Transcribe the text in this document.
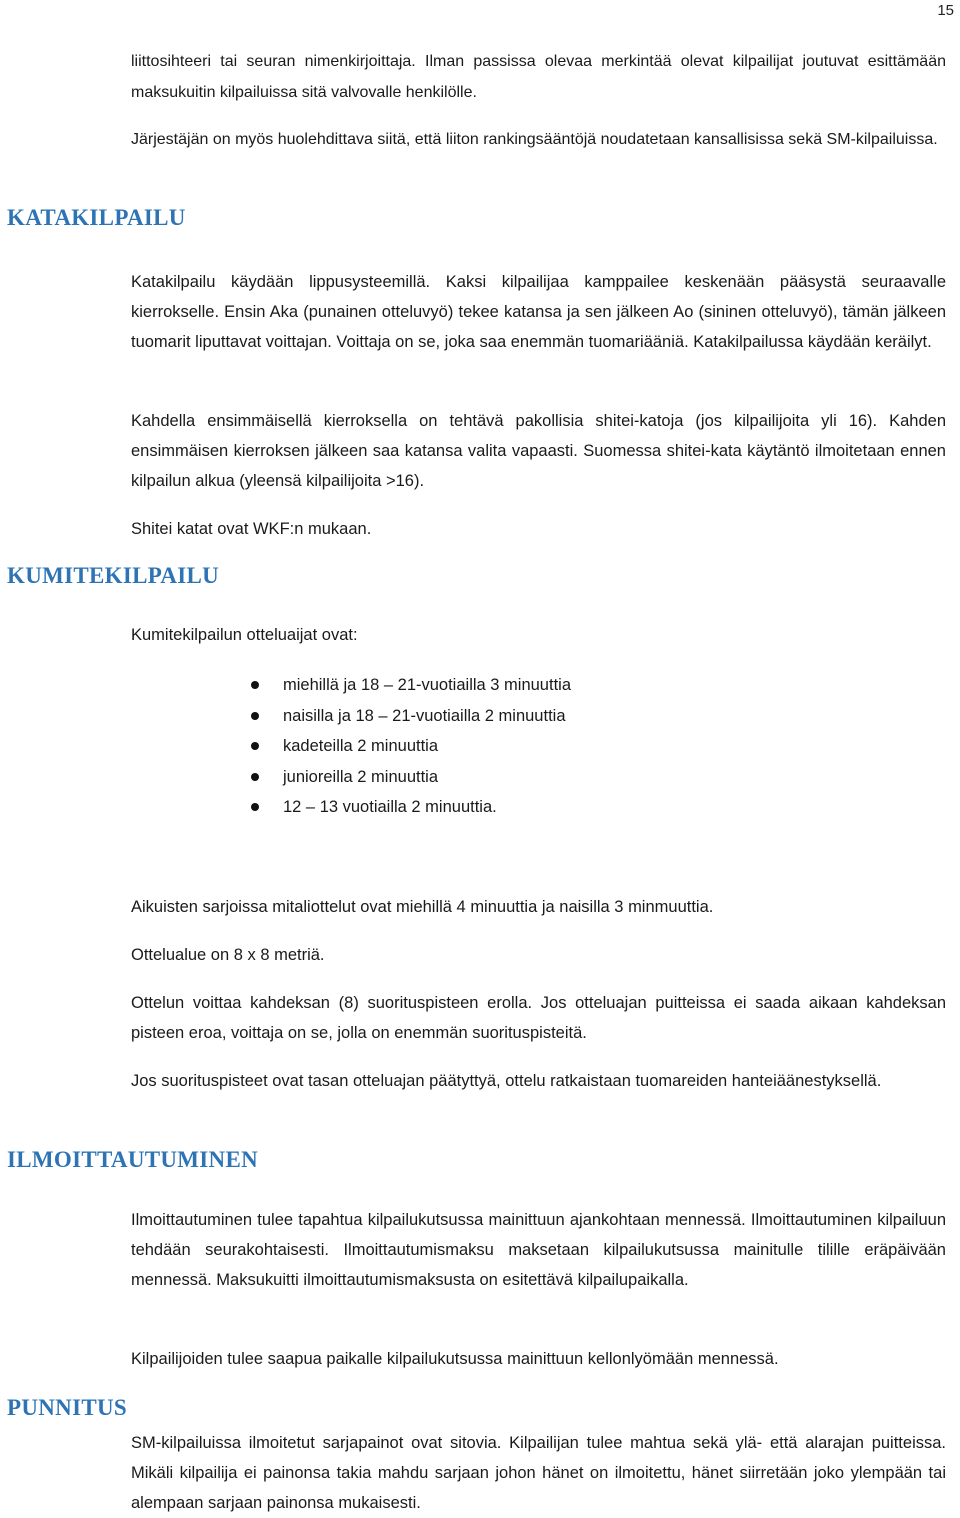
15

liittosihteeri tai seuran nimenkirjoittaja. Ilman passissa olevaa merkintää olevat kilpailijat joutuvat esittämään maksukuitin kilpailuissa sitä valvovalle henkilölle.

Järjestäjän on myös huolehdittava siitä, että liiton rankingsääntöjä noudatetaan kansallisissa sekä SM-kilpailuissa.

KATAKILPAILU

Katakilpailu käydään lippusysteemillä. Kaksi kilpailijaa kamppailee keskenään pääsystä seuraavalle kierrokselle. Ensin Aka (punainen otteluvyö) tekee katansa ja sen jälkeen Ao (sininen otteluvyö), tämän jälkeen tuomarit liputtavat voittajan. Voittaja on se, joka saa enemmän tuomariääniä. Katakilpailussa käydään keräilyt.

Kahdella ensimmäisellä kierroksella on tehtävä pakollisia shitei-katoja (jos kilpailijoita yli 16). Kahden ensimmäisen kierroksen jälkeen saa katansa valita vapaasti. Suomessa shitei-kata käytäntö ilmoitetaan ennen kilpailun alkua (yleensä kilpailijoita >16).

Shitei katat ovat WKF:n mukaan.

KUMITEKILPAILU

Kumitekilpailun otteluaijat ovat:

miehillä ja 18 – 21-vuotiailla 3 minuuttia
naisilla ja 18 – 21-vuotiailla 2 minuuttia
kadeteilla 2 minuuttia
junioreilla 2 minuuttia
12 – 13 vuotiailla 2 minuuttia.

Aikuisten sarjoissa mitaliottelut ovat miehillä 4 minuuttia ja naisilla 3 minmuuttia.

Ottelualue on 8 x 8 metriä.

Ottelun voittaa kahdeksan (8) suorituspisteen erolla. Jos otteluajan puitteissa ei saada aikaan kahdeksan pisteen eroa, voittaja on se, jolla on enemmän suorituspisteitä.

Jos suorituspisteet ovat tasan otteluajan päätyttyä, ottelu ratkaistaan tuomareiden hanteiäänestyksellä.

ILMOITTAUTUMINEN

Ilmoittautuminen tulee tapahtua kilpailukutsussa mainittuun ajankohtaan mennessä. Ilmoittautuminen kilpailuun tehdään seurakohtaisesti. Ilmoittautumismaksu maksetaan kilpailukutsussa mainitulle tilille eräpäivään mennessä. Maksukuitti ilmoittautumismaksusta on esitettävä kilpailupaikalla.

Kilpailijoiden tulee saapua paikalle kilpailukutsussa mainittuun kellonlyömään mennessä.

PUNNITUS

SM-kilpailuissa ilmoitetut sarjapainot ovat sitovia. Kilpailijan tulee mahtua sekä ylä- että alarajan puitteissa. Mikäli kilpailija ei painonsa takia mahdu sarjaan johon hänet on ilmoitettu, hänet siirretään joko ylempään tai alempaan sarjaan painonsa mukaisesti.
